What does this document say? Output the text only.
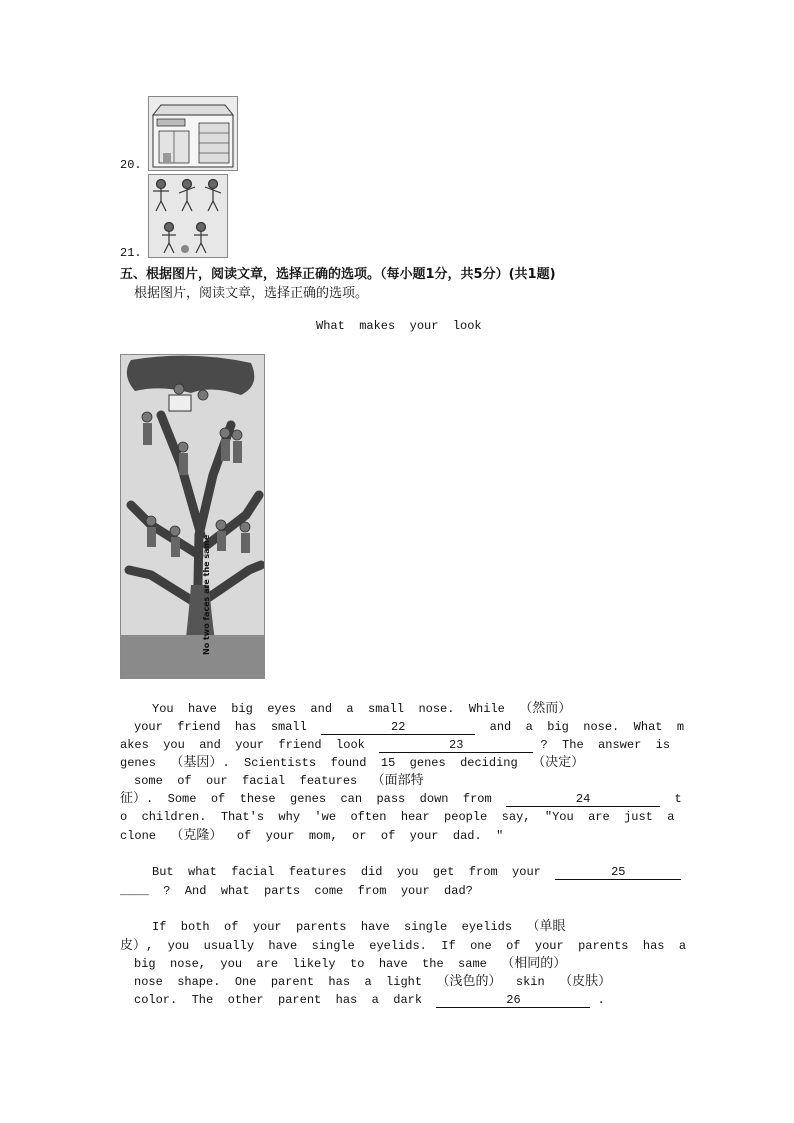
20.
21.
五、根据图片，阅读文章，选择正确的选项。（每小题1分，共5分）(共1题)
根据图片，阅读文章，选择正确的选项。
What  makes  your  look
No two faces are the same
You  have  big  eyes  and  a  small  nose.  While  （然而）
your  friend  has  small	22	and  a  big  nose.  What  m
akes  you  and  your  friend  look	23	?  The  answer  is
genes  （基因）.  Scientists  found  15  genes  deciding  （决定）
some  of  our  facial  features  （面部特
征）.  Some  of  these  genes  can  pass  down  from	24	t
o  children.  That's  why  'we  often  hear  people  say,  "You  are  just  a
clone  （克隆）  of  your  mom,  or  of  your  dad.  "
But  what  facial  features  did  you  get  from  your	25
____  ?  And  what  parts  come  from  your  dad?
If  both  of  your  parents  have  single  eyelids  （单眼
皮）,  you  usually  have  single  eyelids.  If  one  of  your  parents  has  a
big  nose,  you  are  likely  to  have  the  same  （相同的）
nose  shape.  One  parent  has  a  light  （浅色的）  skin  （皮肤）
color.  The  other  parent  has  a  dark	26	.
